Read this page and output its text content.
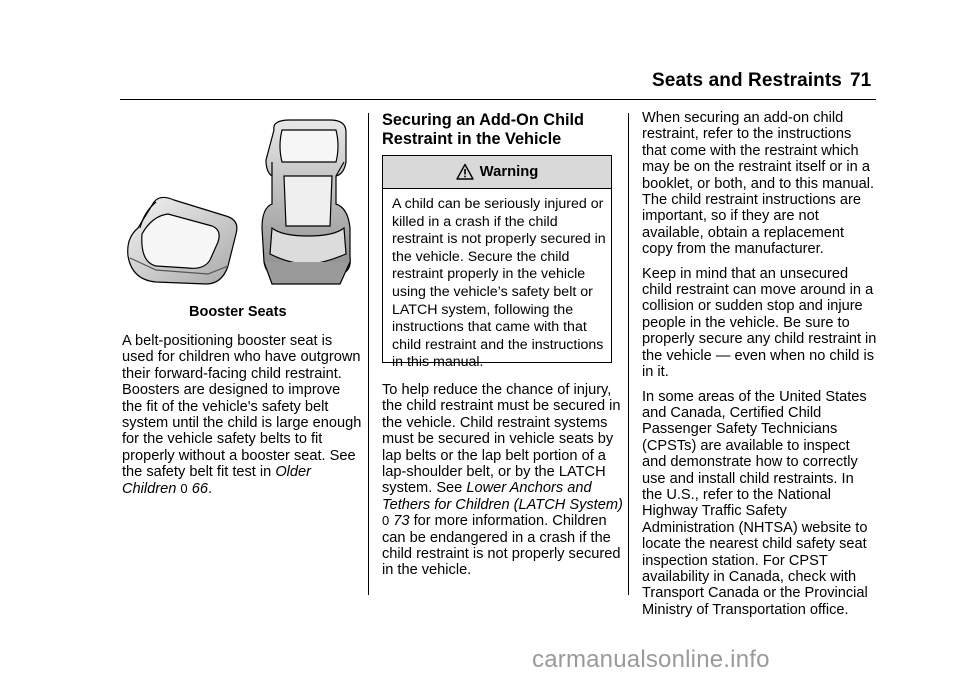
Seats and Restraints 71
Booster Seats

A belt-positioning booster seat is used for children who have outgrown their forward-facing child restraint. Boosters are designed to improve the fit of the vehicle's safety belt system until the child is large enough for the vehicle safety belts to fit properly without a booster seat. See the safety belt fit test in Older Children 0 66.

Securing an Add-On Child Restraint in the Vehicle
Warning
A child can be seriously injured or killed in a crash if the child restraint is not properly secured in the vehicle. Secure the child restraint properly in the vehicle using the vehicle’s safety belt or LATCH system, following the instructions that came with that child restraint and the instructions in this manual.

To help reduce the chance of injury, the child restraint must be secured in the vehicle. Child restraint systems must be secured in vehicle seats by lap belts or the lap belt portion of a lap-shoulder belt, or by the LATCH system. See Lower Anchors and Tethers for Children (LATCH System) 0 73 for more information. Children can be endangered in a crash if the child restraint is not properly secured in the vehicle.

When securing an add-on child restraint, refer to the instructions that come with the restraint which may be on the restraint itself or in a booklet, or both, and to this manual. The child restraint instructions are important, so if they are not available, obtain a replacement copy from the manufacturer.

Keep in mind that an unsecured child restraint can move around in a collision or sudden stop and injure people in the vehicle. Be sure to properly secure any child restraint in the vehicle — even when no child is in it.

In some areas of the United States and Canada, Certified Child Passenger Safety Technicians (CPSTs) are available to inspect and demonstrate how to correctly use and install child restraints. In the U.S., refer to the National Highway Traffic Safety Administration (NHTSA) website to locate the nearest child safety seat inspection station. For CPST availability in Canada, check with Transport Canada or the Provincial Ministry of Transportation office.

carmanualsonline.info
